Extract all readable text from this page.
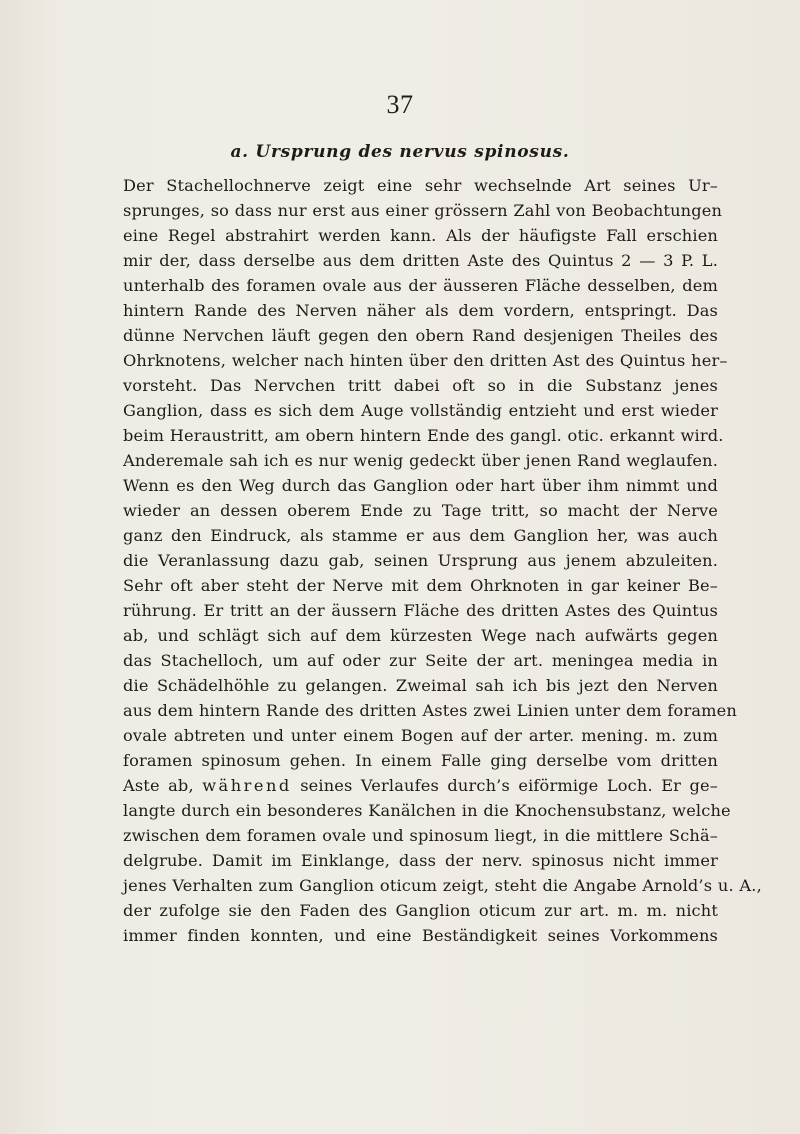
37
a. Ursprung des nervus spinosus.
Der Stachellochnerve zeigt eine sehr wechselnde Art seines Ur–
sprunges, so dass nur erst aus einer grössern Zahl von Beobachtungen
eine Regel abstrahirt werden kann. Als der häufigste Fall erschien
mir der, dass derselbe aus dem dritten Aste des Quintus 2 — 3 P. L.
unterhalb des foramen ovale aus der äusseren Fläche desselben, dem
hintern Rande des Nerven näher als dem vordern, entspringt. Das
dünne Nervchen läuft gegen den obern Rand desjenigen Theiles des
Ohrknotens, welcher nach hinten über den dritten Ast des Quintus her–
vorsteht. Das Nervchen tritt dabei oft so in die Substanz jenes
Ganglion, dass es sich dem Auge vollständig entzieht und erst wieder
beim Heraustritt, am obern hintern Ende des gangl. otic. erkannt wird.
Anderemale sah ich es nur wenig gedeckt über jenen Rand weglaufen.
Wenn es den Weg durch das Ganglion oder hart über ihm nimmt und
wieder an dessen oberem Ende zu Tage tritt, so macht der Nerve
ganz den Eindruck, als stamme er aus dem Ganglion her, was auch
die Veranlassung dazu gab, seinen Ursprung aus jenem abzuleiten.
Sehr oft aber steht der Nerve mit dem Ohrknoten in gar keiner Be–
rührung. Er tritt an der äussern Fläche des dritten Astes des Quintus
ab, und schlägt sich auf dem kürzesten Wege nach aufwärts gegen
das Stachelloch, um auf oder zur Seite der art. meningea media in
die Schädelhöhle zu gelangen. Zweimal sah ich bis jezt den Nerven
aus dem hintern Rande des dritten Astes zwei Linien unter dem foramen
ovale abtreten und unter einem Bogen auf der arter. mening. m. zum
foramen spinosum gehen. In einem Falle ging derselbe vom dritten
Aste ab, während seines Verlaufes durch’s eiförmige Loch. Er ge–
langte durch ein besonderes Kanälchen in die Knochensubstanz, welche
zwischen dem foramen ovale und spinosum liegt, in die mittlere Schä–
delgrube. Damit im Einklange, dass der nerv. spinosus nicht immer
jenes Verhalten zum Ganglion oticum zeigt, steht die Angabe Arnold’s u. A.,
der zufolge sie den Faden des Ganglion oticum zur art. m. m. nicht
immer finden konnten, und eine Beständigkeit seines Vorkommens
